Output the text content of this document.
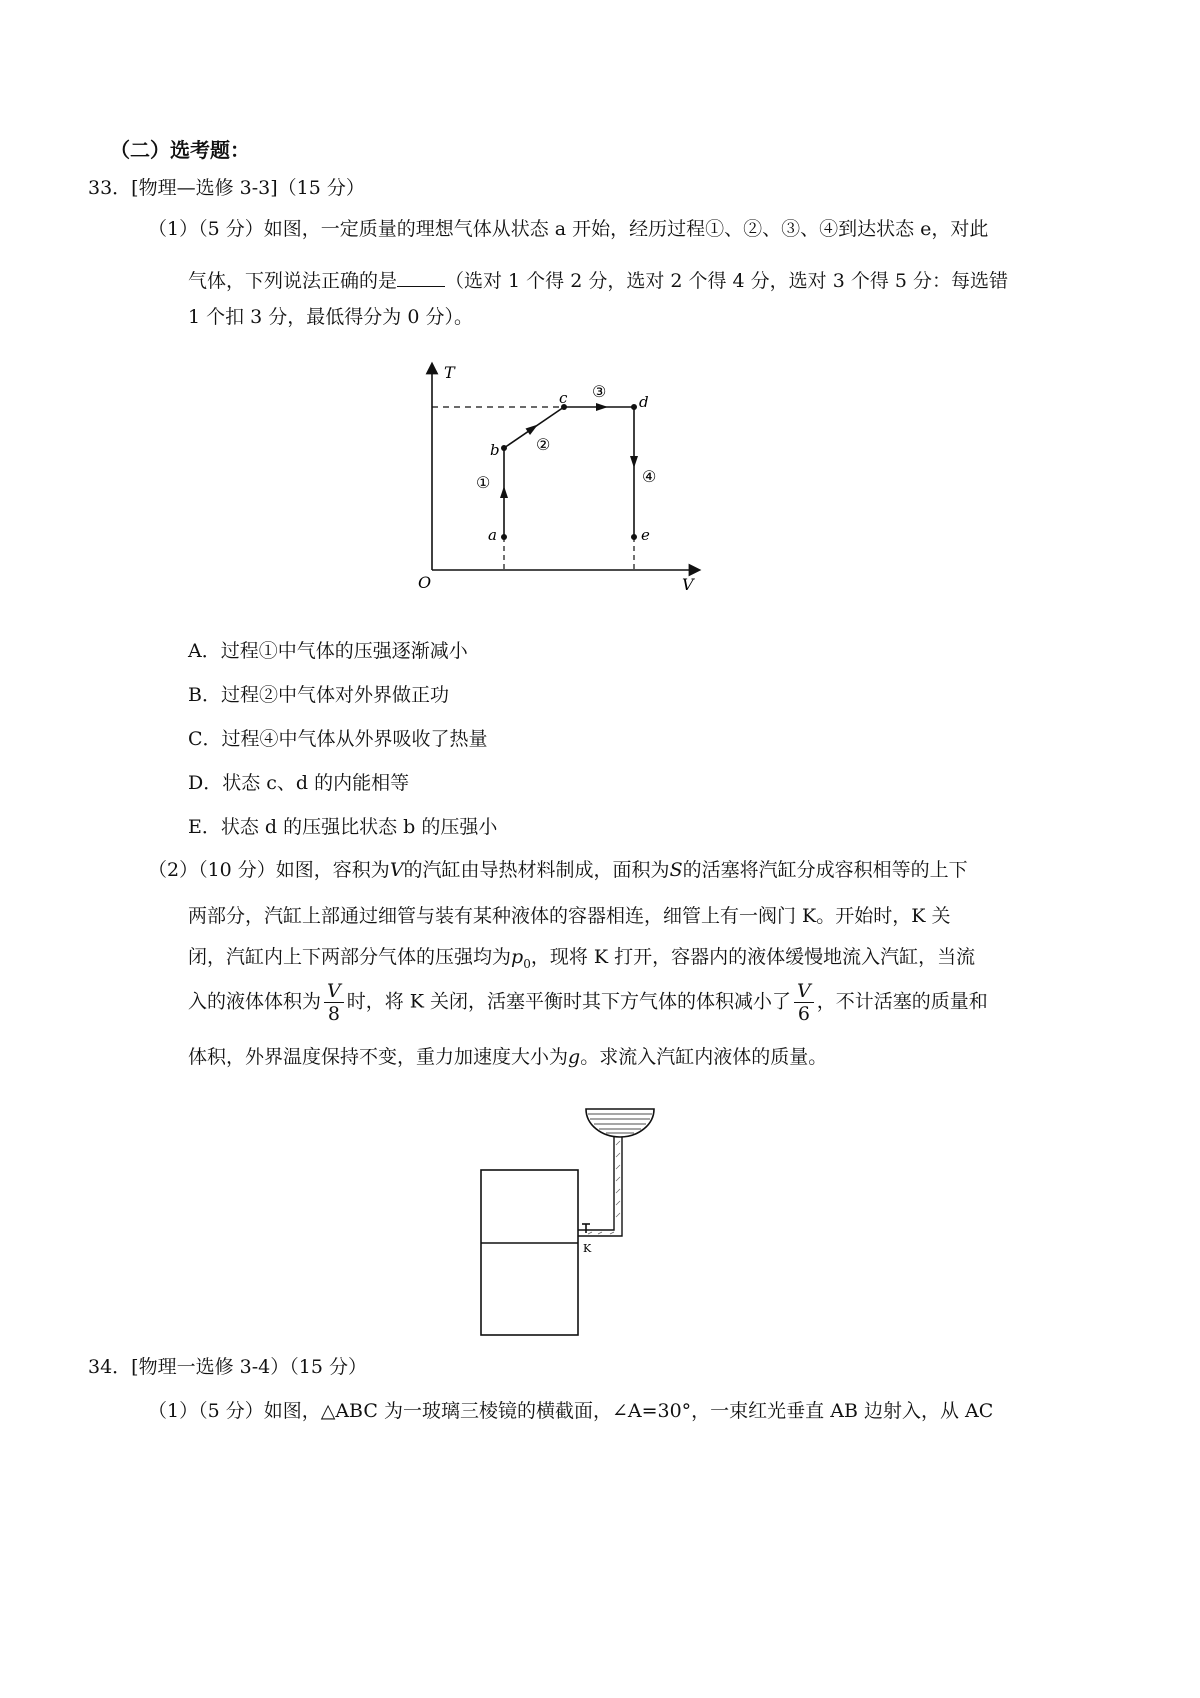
（二）选考题：
33．[物理—选修 3-3]（15 分）
（1）（5 分）如图，一定质量的理想气体从状态 a 开始，经历过程①、②、③、④到达状态 e，对此
气体，下列说法正确的是	（选对 1 个得 2 分，选对 2 个得 4 分，选对 3 个得 5 分：每选错
1 个扣 3 分，最低得分为 0 分）。
T
V
O
a
b
c	d
e
①
②
③
④
A．过程①中气体的压强逐渐减小
B．过程②中气体对外界做正功
C．过程④中气体从外界吸收了热量
D．状态 c、d 的内能相等
E．状态 d 的压强比状态 b 的压强小
（2）（10 分）如图，容积为V的汽缸由导热材料制成，面积为S的活塞将汽缸分成容积相等的上下
两部分，汽缸上部通过细管与装有某种液体的容器相连，细管上有一阀门 K。开始时，K 关
闭，汽缸内上下两部分气体的压强均为$p_0$，现将 K 打开，容器内的液体缓慢地流入汽缸，当流
入的液体体积为 $\frac{V}{8}$ 时，将 K 关闭，活塞平衡时其下方气体的体积减小了 $\frac{V}{6}$ ，不计活塞的质量和
体积，外界温度保持不变，重力加速度大小为g。求流入汽缸内液体的质量。
K
34．[物理一选修 3-4）（15 分）
（1）（5 分）如图，△ABC 为一玻璃三棱镜的横截面，∠A=30°，一束红光垂直 AB 边射入，从 AC
